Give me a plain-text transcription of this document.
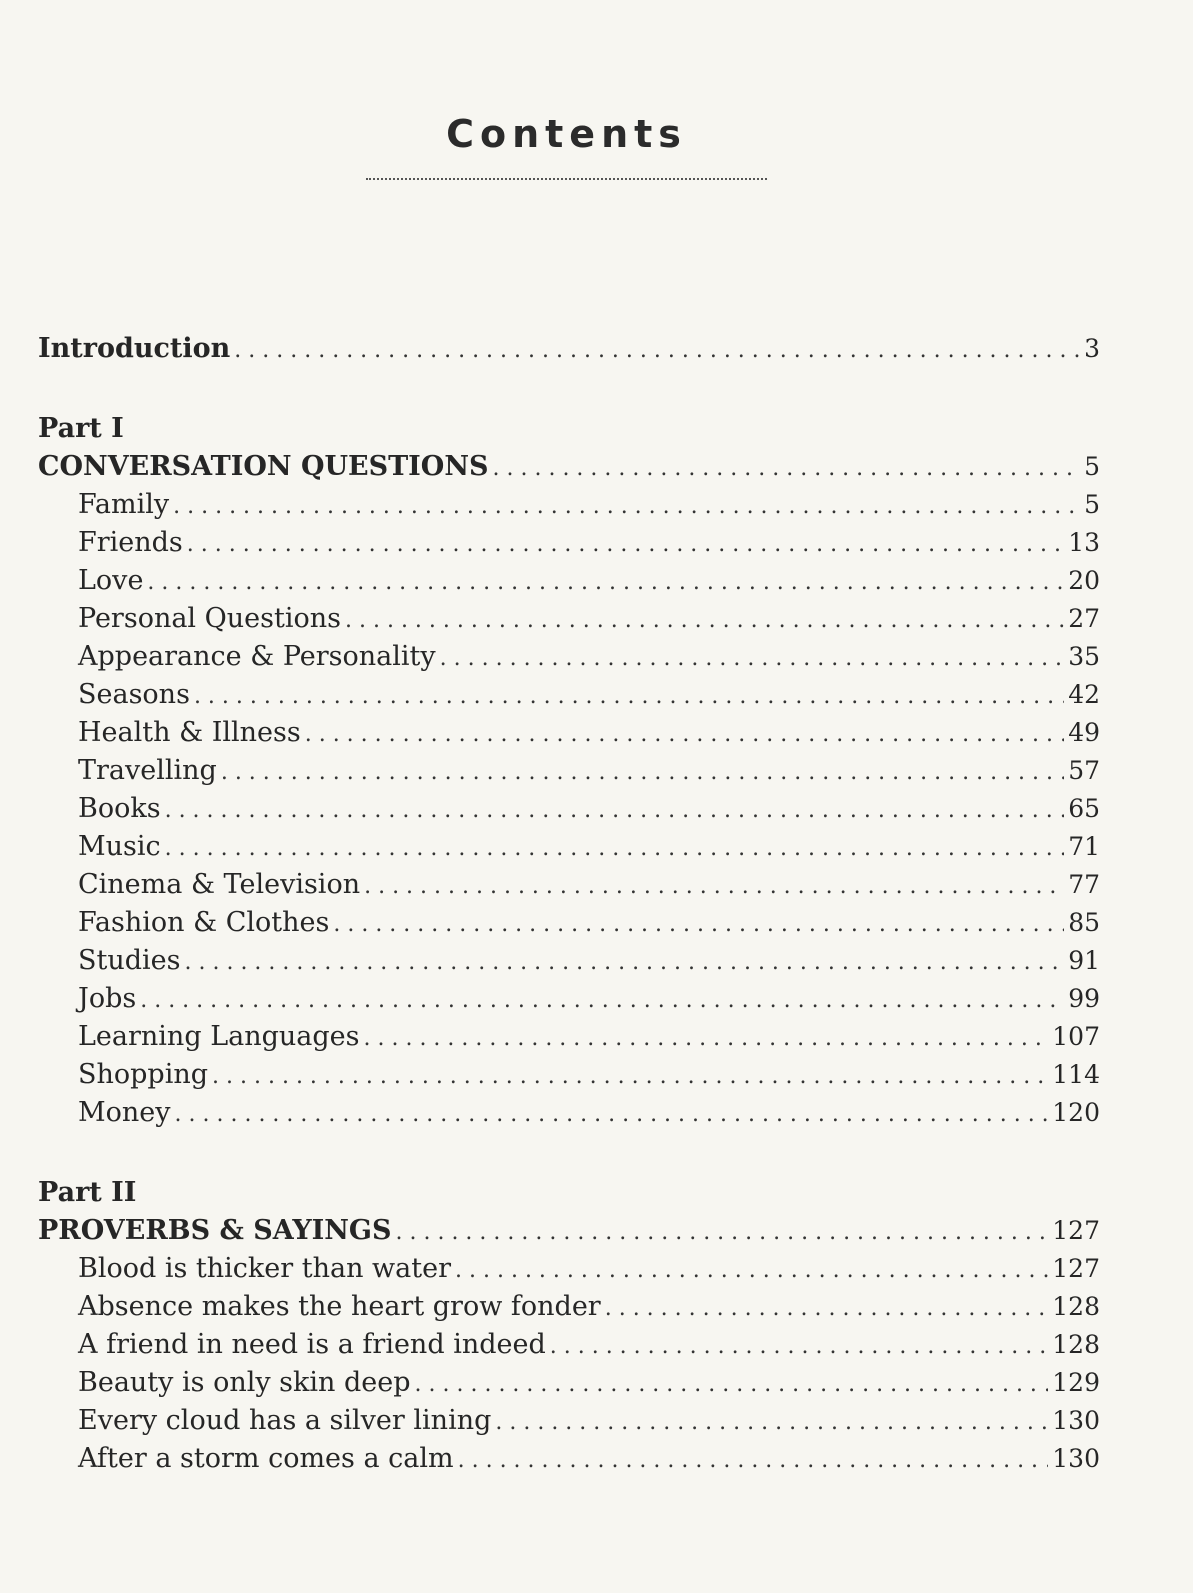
Contents
Introduction . . .	3
Part I
CONVERSATION QUESTIONS . . .	5
Family . . .	5
Friends . . .	13
Love . . .	20
Personal Questions . . .	27
Appearance & Personality . . .	35
Seasons . . .	42
Health & Illness . . .	49
Travelling . . .	57
Books . . .	65
Music . . .	71
Cinema & Television . . .	77
Fashion & Clothes . . .	85
Studies . . .	91
Jobs . . .	99
Learning Languages . . .	107
Shopping . . .	114
Money . . .	120
Part II
PROVERBS & SAYINGS . . .	127
Blood is thicker than water . . .	127
Absence makes the heart grow fonder . . .	128
A friend in need is a friend indeed . . .	128
Beauty is only skin deep . . .	129
Every cloud has a silver lining . . .	130
After a storm comes a calm . . .	130
